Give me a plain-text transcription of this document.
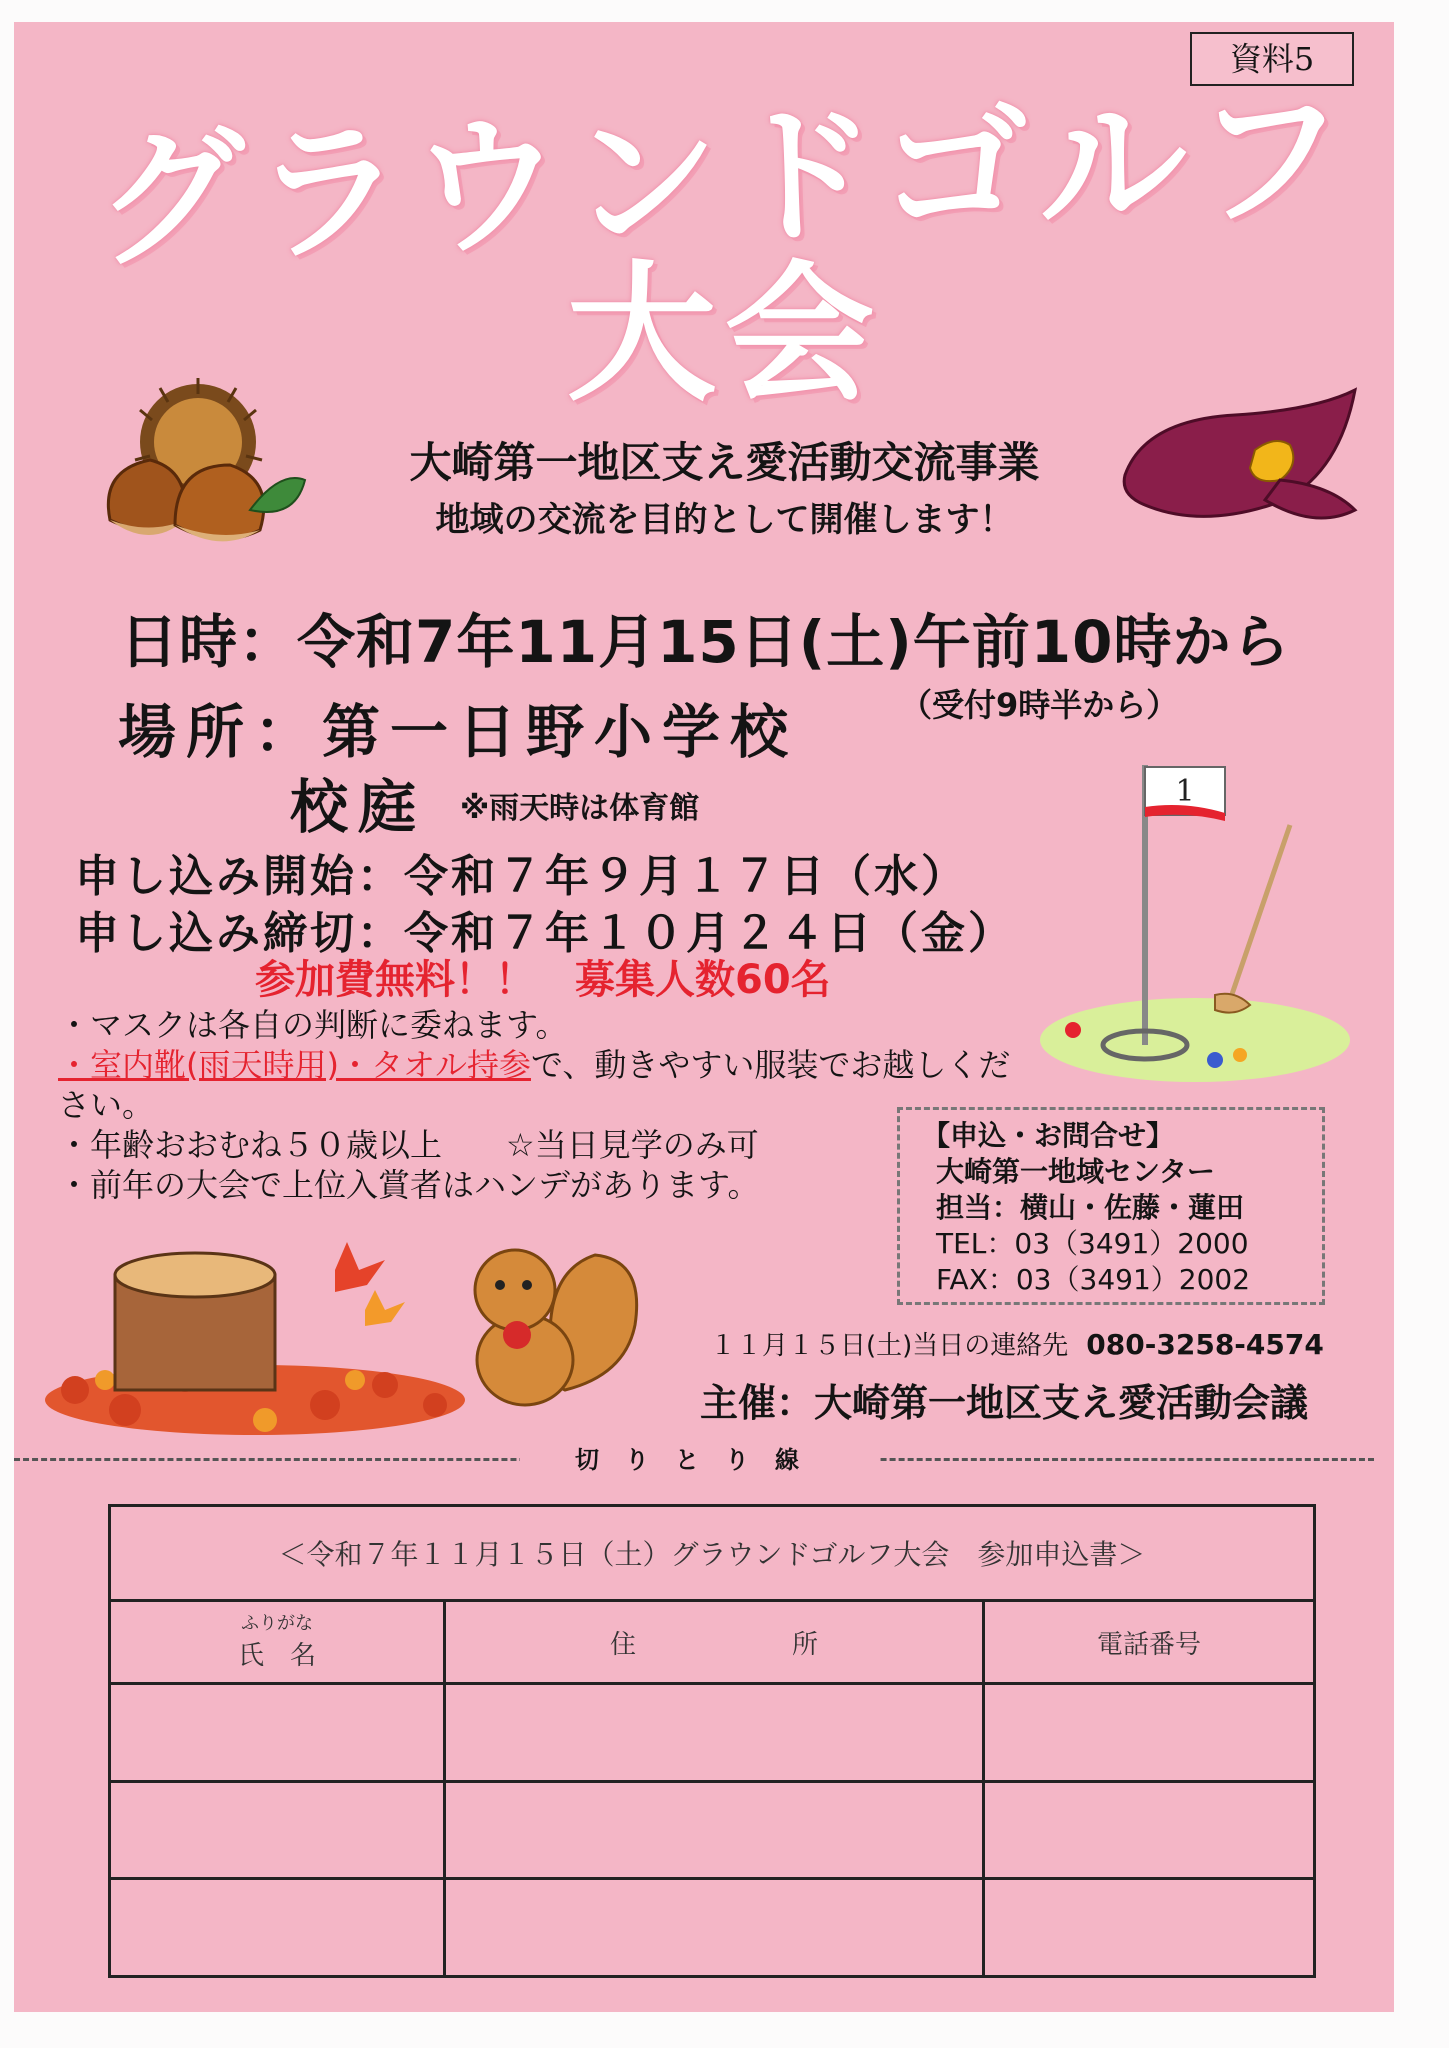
資料5
グラウンドゴルフ
大会
大崎第一地区支え愛活動交流事業
地域の交流を目的として開催します！
日時：令和7年11月15日(土)午前10時から
場所：第一日野小学校	（受付9時半から）
校庭 ※雨天時は体育館
申し込み開始：令和７年９月１７日（水）
申し込み締切：令和７年１０月２４日（金）
参加費無料！！　募集人数60名
1
・マスクは各自の判断に委ねます。
・室内靴(雨天時用)・タオル持参で、動きやすい服装でお越しください。
・年齢おおむね５０歳以上　　☆当日見学のみ可
・前年の大会で上位入賞者はハンデがあります。
【申込・お問合せ】
大崎第一地域センター
担当：横山・佐藤・蓮田
TEL：03（3491）2000
FAX：03（3491）2002
１１月１５日(土)当日の連絡先 080-3258-4574
主催：大崎第一地区支え愛活動会議
切りとり線
＜令和７年１１月１５日（土）グラウンドゴルフ大会　参加申込書＞		

ふりがな
氏　名	住　　　　　　所	電話番号
